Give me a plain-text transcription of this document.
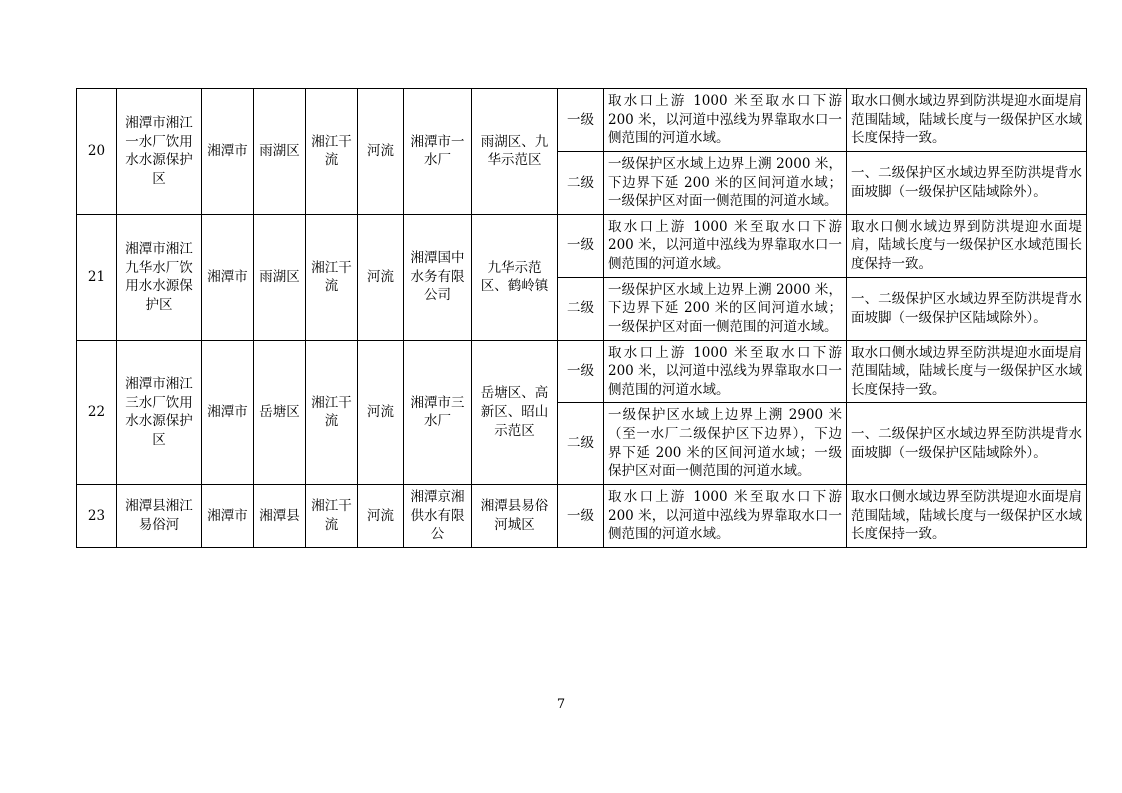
20	湘潭市湘江一水厂饮用水水源保护区	湘潭市	雨湖区	湘江干流	河流	湘潭市一水厂	雨湖区、九华示范区	一级	取水口上游 1000 米至取水口下游 200 米，以河道中泓线为界靠取水口一侧范围的河道水域。	取水口侧水域边界到防洪堤迎水面堤肩范围陆域，陆域长度与一级保护区水域长度保持一致。
								二级	一级保护区水域上边界上溯 2000 米，下边界下延 200 米的区间河道水域；一级保护区对面一侧范围的河道水域。	一、二级保护区水域边界至防洪堤背水面坡脚（一级保护区陆域除外）。
21	湘潭市湘江九华水厂饮用水水源保护区	湘潭市	雨湖区	湘江干流	河流	湘潭国中水务有限公司	九华示范区、鹤岭镇	一级	取水口上游 1000 米至取水口下游 200 米，以河道中泓线为界靠取水口一侧范围的河道水域。	取水口侧水域边界到防洪堤迎水面堤肩，陆域长度与一级保护区水域范围长度保持一致。
								二级	一级保护区水域上边界上溯 2000 米，下边界下延 200 米的区间河道水域；一级保护区对面一侧范围的河道水域。	一、二级保护区水域边界至防洪堤背水面坡脚（一级保护区陆域除外）。
22	湘潭市湘江三水厂饮用水水源保护区	湘潭市	岳塘区	湘江干流	河流	湘潭市三水厂	岳塘区、高新区、昭山示范区	一级	取水口上游 1000 米至取水口下游 200 米，以河道中泓线为界靠取水口一侧范围的河道水域。	取水口侧水域边界至防洪堤迎水面堤肩范围陆域，陆域长度与一级保护区水域长度保持一致。
								二级	一级保护区水域上边界上溯 2900 米（至一水厂二级保护区下边界），下边界下延 200 米的区间河道水域；一级保护区对面一侧范围的河道水域。	一、二级保护区水域边界至防洪堤背水面坡脚（一级保护区陆域除外）。
23	湘潭县湘江易俗河	湘潭市	湘潭县	湘江干流	河流	湘潭京湘供水有限公	湘潭县易俗河城区	一级	取水口上游 1000 米至取水口下游 200 米，以河道中泓线为界靠取水口一侧范围的河道水域。	取水口侧水域边界至防洪堤迎水面堤肩范围陆域，陆域长度与一级保护区水域长度保持一致。
7
